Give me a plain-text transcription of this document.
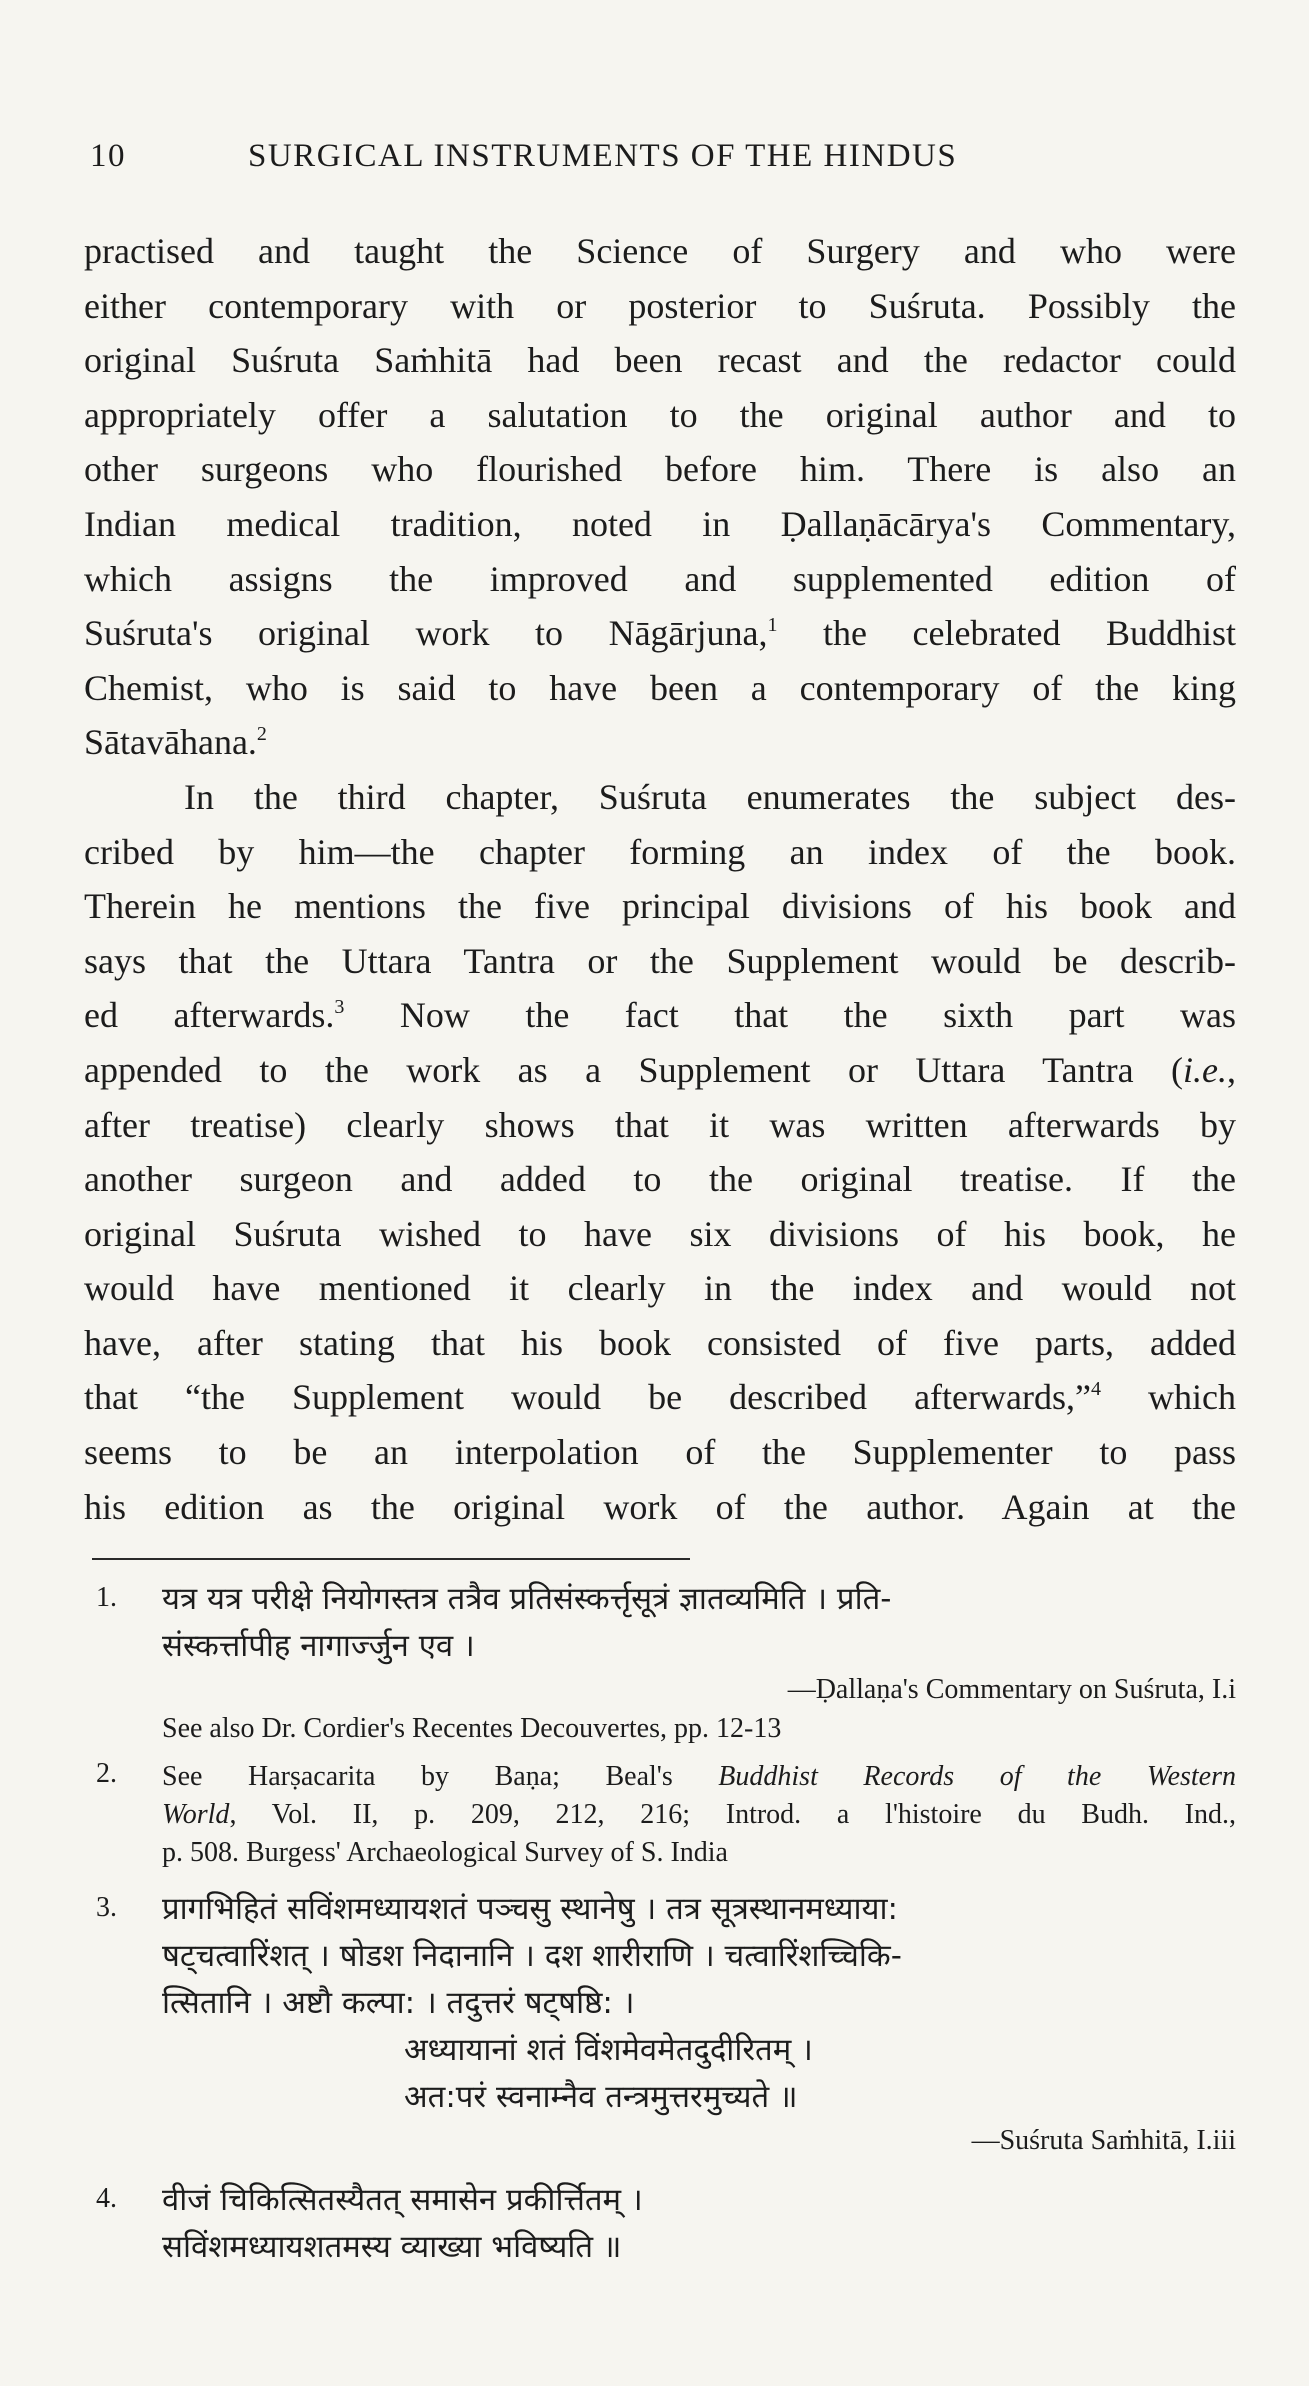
10	SURGICAL INSTRUMENTS OF THE HINDUS
practised and taught the Science of Surgery and who were
either contemporary with or posterior to Suśruta. Possibly the
original Suśruta Saṁhitā had been recast and the redactor could
appropriately offer a salutation to the original author and to
other surgeons who flourished before him. There is also an
Indian medical tradition, noted in Ḍallaṇācārya's Commentary,
which assigns the improved and supplemented edition of
Suśruta's original work to Nāgārjuna,$^1$ the celebrated Buddhist
Chemist, who is said to have been a contemporary of the king
Sātavāhana.$^2$
In the third chapter, Suśruta enumerates the subject des-
cribed by him—the chapter forming an index of the book.
Therein he mentions the five principal divisions of his book and
says that the Uttara Tantra or the Supplement would be describ-
ed afterwards.$^3$ Now the fact that the sixth part was
appended to the work as a Supplement or Uttara Tantra (i.e.,
after treatise) clearly shows that it was written afterwards by
another surgeon and added to the original treatise. If the
original Suśruta wished to have six divisions of his book, he
would have mentioned it clearly in the index and would not
have, after stating that his book consisted of five parts, added
that “the Supplement would be described afterwards,”$^4$ which
seems to be an interpolation of the Supplementer to pass
his edition as the original work of the author. Again at the
1. यत्र यत्र परीक्षे नियोगस्तत्र तत्रैव प्रतिसंस्कर्त्तृसूत्रं ज्ञातव्यमिति । प्रति-
संस्कर्त्तापीह नागार्ज्जुन एव ।
—Ḍallaṇa's Commentary on Suśruta, I.i
See also Dr. Cordier's Recentes Decouvertes, pp. 12-13
2. See Harṣacarita by Baṇa; Beal's Buddhist Records of the Western
World, Vol. II, p. 209, 212, 216; Introd. a l'histoire du Budh. Ind.,
p. 508. Burgess' Archaeological Survey of S. India
3. प्रागभिहितं सविंशमध्यायशतं पञ्चसु स्थानेषु । तत्र सूत्रस्थानमध्याया:
षट्चत्वारिंशत् । षोडश निदानानि । दश शारीराणि । चत्वारिंशच्चिकि-
त्सितानि । अष्टौ कल्पा: । तदुत्तरं षट्षष्ठि: ।
अध्यायानां शतं विंशमेवमेतदुदीरितम् ।
अत:परं स्वनाम्नैव तन्त्रमुत्तरमुच्यते ॥
—Suśruta Saṁhitā, I.iii
4. वीजं चिकित्सितस्यैतत् समासेन प्रकीर्त्तितम् ।
सविंशमध्यायशतमस्य व्याख्या भविष्यति ॥
